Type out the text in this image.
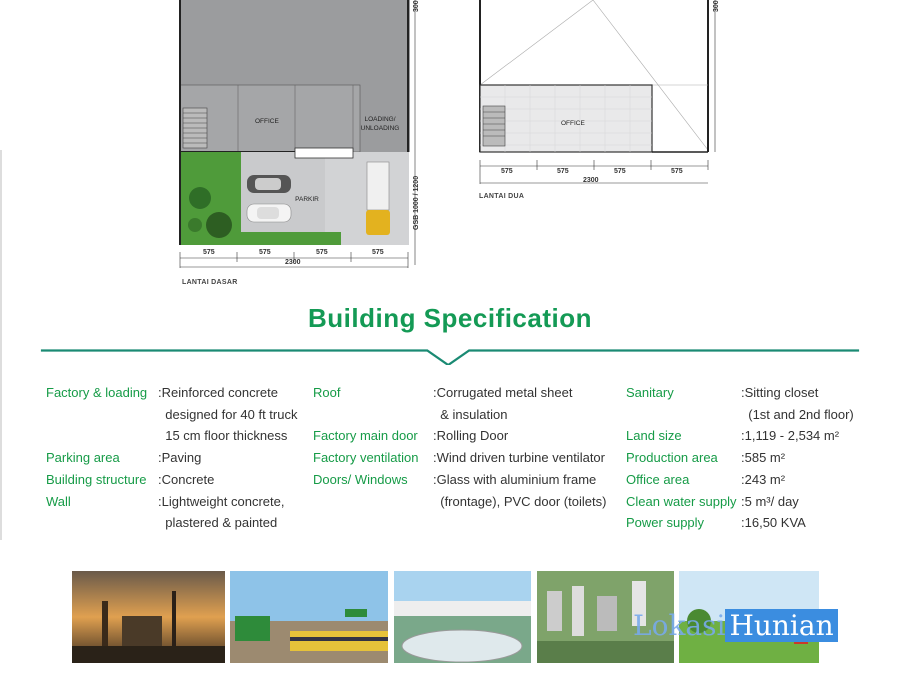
OFFICE	LOADING/ UNLOADING
PARKIR
575	575	575	575
2300
300
GSB 1000 / 1200
LANTAI DASAR
OFFICE
575	575	575	575
2300
300
LANTAI DUA
Building Specification
Factory & loading : Reinforced concrete

designed for 40 ft truck

15 cm floor thickness
Parking area	: Paving
Building structure : Concrete
Wall	: Lightweight concrete,

plastered & painted
Roof	: Corrugated metal sheet

& insulation
Factory main door	: Rolling Door
Factory ventilation	: Wind driven turbine ventilator
Doors/ Windows	: Glass with aluminium frame

(frontage), PVC door (toilets)
Sanitary	: Sitting closet

(1st and 2nd floor)
Land size	: 1,119 - 2,534 m²
Production area	: 585 m²
Office area	: 243 m²
Clean water supply : 5 m³/ day
Power supply	: 16,50 KVA
Lokasi Hunian
